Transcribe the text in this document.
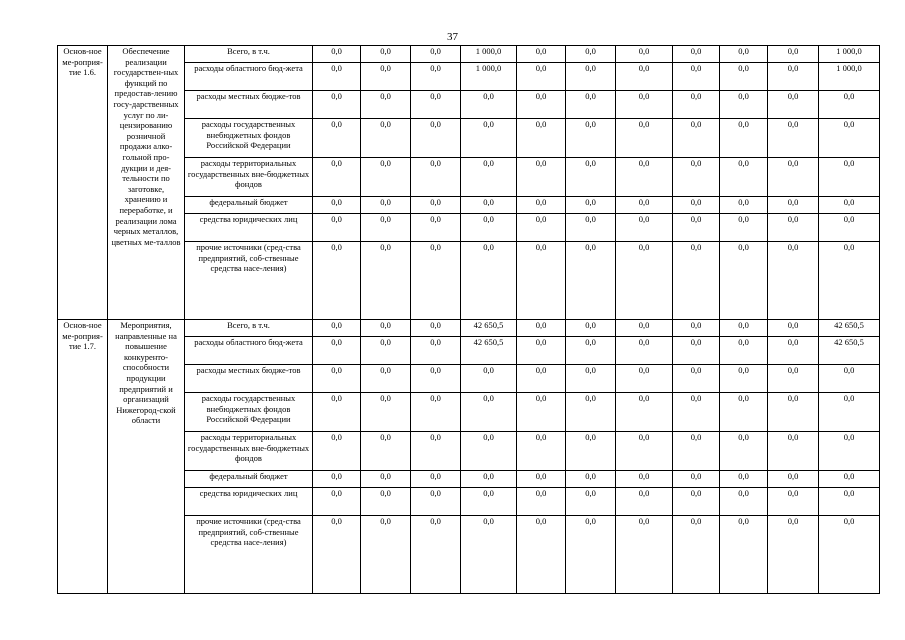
37
Основ-ное ме-роприя-тие 1.6.	Обеспечение реализации государствен-ных функций по предостав-лению госу-дарственных услуг по ли-цензированию розничной продажи алко-гольной про-дукции и дея-тельности по заготовке, хранению и переработке, и реализации лома черных металлов, цветных ме-таллов	Всего, в т.ч.	0,0	0,0	0,0	1 000,0	0,0	0,0	0,0	0,0	0,0	0,0	1 000,0
		расходы областного бюд-жета	0,0	0,0	0,0	1 000,0	0,0	0,0	0,0	0,0	0,0	0,0	1 000,0
		расходы местных бюдже-тов	0,0	0,0	0,0	0,0	0,0	0,0	0,0	0,0	0,0	0,0	0,0
		расходы государственных внебюджетных фондов Российской Федерации	0,0	0,0	0,0	0,0	0,0	0,0	0,0	0,0	0,0	0,0	0,0
		расходы территориальных государственных вне-бюджетных фондов	0,0	0,0	0,0	0,0	0,0	0,0	0,0	0,0	0,0	0,0	0,0
		федеральный бюджет	0,0	0,0	0,0	0,0	0,0	0,0	0,0	0,0	0,0	0,0	0,0
		средства юридических лиц	0,0	0,0	0,0	0,0	0,0	0,0	0,0	0,0	0,0	0,0	0,0
		прочие источники (сред-ства предприятий, соб-ственные средства насе-ления)	0,0	0,0	0,0	0,0	0,0	0,0	0,0	0,0	0,0	0,0	0,0
Основ-ное ме-роприя-тие 1.7.	Мероприятия, направленные на повышение конкуренто-способности продукции предприятий и организаций Нижегород-ской области	Всего, в т.ч.	0,0	0,0	0,0	42 650,5	0,0	0,0	0,0	0,0	0,0	0,0	42 650,5
		расходы областного бюд-жета	0,0	0,0	0,0	42 650,5	0,0	0,0	0,0	0,0	0,0	0,0	42 650,5
		расходы местных бюдже-тов	0,0	0,0	0,0	0,0	0,0	0,0	0,0	0,0	0,0	0,0	0,0
		расходы государственных внебюджетных фондов Российской Федерации	0,0	0,0	0,0	0,0	0,0	0,0	0,0	0,0	0,0	0,0	0,0
		расходы территориальных государственных вне-бюджетных фондов	0,0	0,0	0,0	0,0	0,0	0,0	0,0	0,0	0,0	0,0	0,0
		федеральный бюджет	0,0	0,0	0,0	0,0	0,0	0,0	0,0	0,0	0,0	0,0	0,0
		средства юридических лиц	0,0	0,0	0,0	0,0	0,0	0,0	0,0	0,0	0,0	0,0	0,0
		прочие источники (сред-ства предприятий, соб-ственные средства насе-ления)	0,0	0,0	0,0	0,0	0,0	0,0	0,0	0,0	0,0	0,0	0,0
